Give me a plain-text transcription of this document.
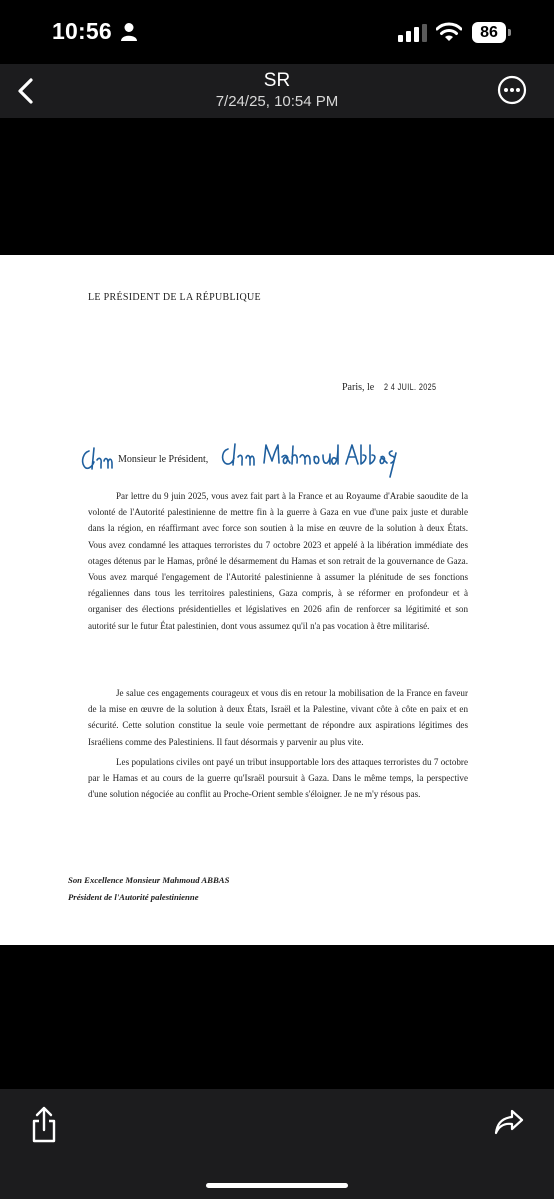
10:56	86
SR
7/24/25, 10:54 PM
LE PRÉSIDENT DE LA RÉPUBLIQUE
Paris, le 2 4 JUIL. 2025
Monsieur le Président,

Par lettre du 9 juin 2025, vous avez fait part à la France et au Royaume d'Arabie saoudite de la volonté de l'Autorité palestinienne de mettre fin à la guerre à Gaza en vue d'une paix juste et durable dans la région, en réaffirmant avec force son soutien à la mise en œuvre de la solution à deux États. Vous avez condamné les attaques terroristes du 7 octobre 2023 et appelé à la libération immédiate des otages détenus par le Hamas, prôné le désarmement du Hamas et son retrait de la gouvernance de Gaza. Vous avez marqué l'engagement de l'Autorité palestinienne à assumer la plénitude de ses fonctions régaliennes dans tous les territoires palestiniens, Gaza compris, à se réformer en profondeur et à organiser des élections présidentielles et législatives en 2026 afin de renforcer sa légitimité et son autorité sur le futur État palestinien, dont vous assumez qu'il n'a pas vocation à être militarisé.

Je salue ces engagements courageux et vous dis en retour la mobilisation de la France en faveur de la mise en œuvre de la solution à deux États, Israël et la Palestine, vivant côte à côte en paix et en sécurité. Cette solution constitue la seule voie permettant de répondre aux aspirations légitimes des Israéliens comme des Palestiniens. Il faut désormais y parvenir au plus vite.

Les populations civiles ont payé un tribut insupportable lors des attaques terroristes du 7 octobre par le Hamas et au cours de la guerre qu'Israël poursuit à Gaza. Dans le même temps, la perspective d'une solution négociée au conflit au Proche-Orient semble s'éloigner. Je ne m'y résous pas.

Son Excellence Monsieur Mahmoud ABBAS
Président de l'Autorité palestinienne
